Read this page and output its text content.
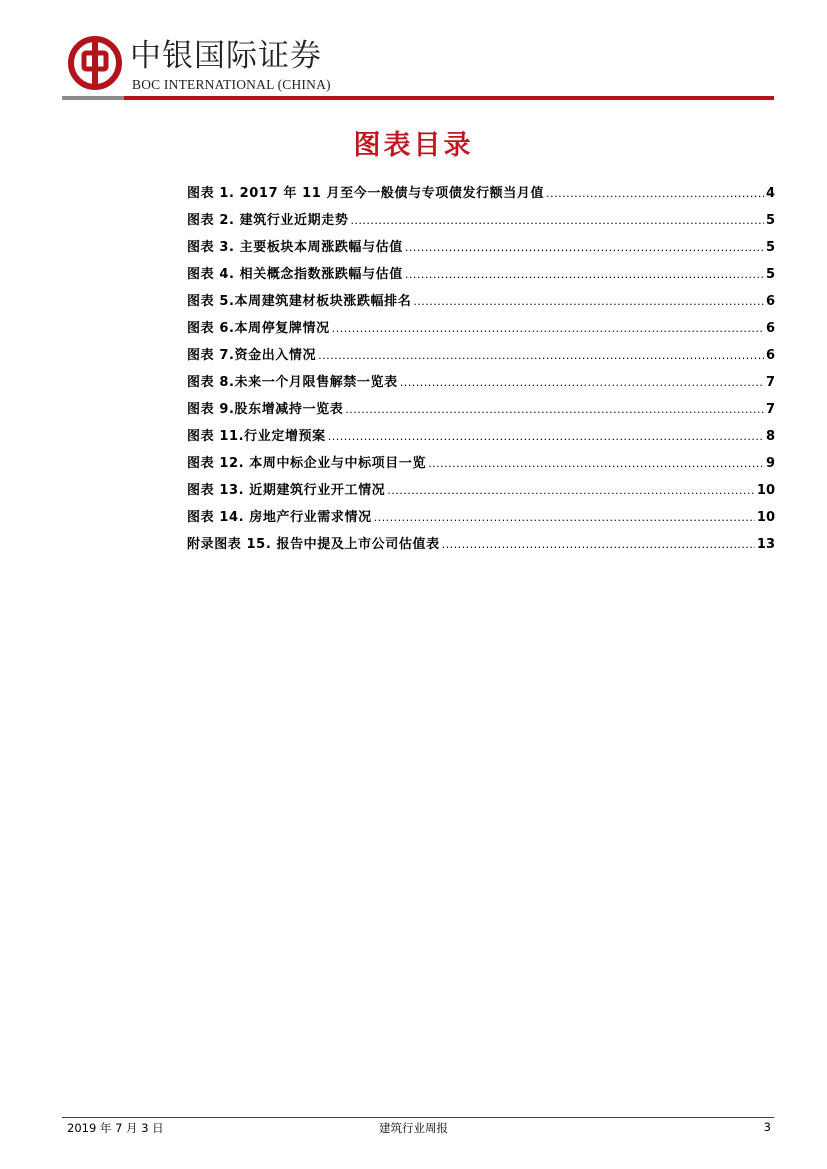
中银国际证券
BOC INTERNATIONAL (CHINA)
图表目录
图表 1. 2017 年 11 月至今一般债与专项债发行额当月值 .....	4
图表 2. 建筑行业近期走势 .....	5
图表 3. 主要板块本周涨跌幅与估值 .....	5
图表 4. 相关概念指数涨跌幅与估值 .....	5
图表 5.本周建筑建材板块涨跌幅排名 .....	6
图表 6.本周停复牌情况 .....	6
图表 7.资金出入情况 .....	6
图表 8.未来一个月限售解禁一览表 .....	7
图表 9.股东增减持一览表 .....	7
图表 11.行业定增预案 .....	8
图表 12. 本周中标企业与中标项目一览 .....	9
图表 13. 近期建筑行业开工情况 .....	10
图表 14. 房地产行业需求情况 .....	10
附录图表 15. 报告中提及上市公司估值表 .....	13
2019 年 7 月 3 日	建筑行业周报	3
